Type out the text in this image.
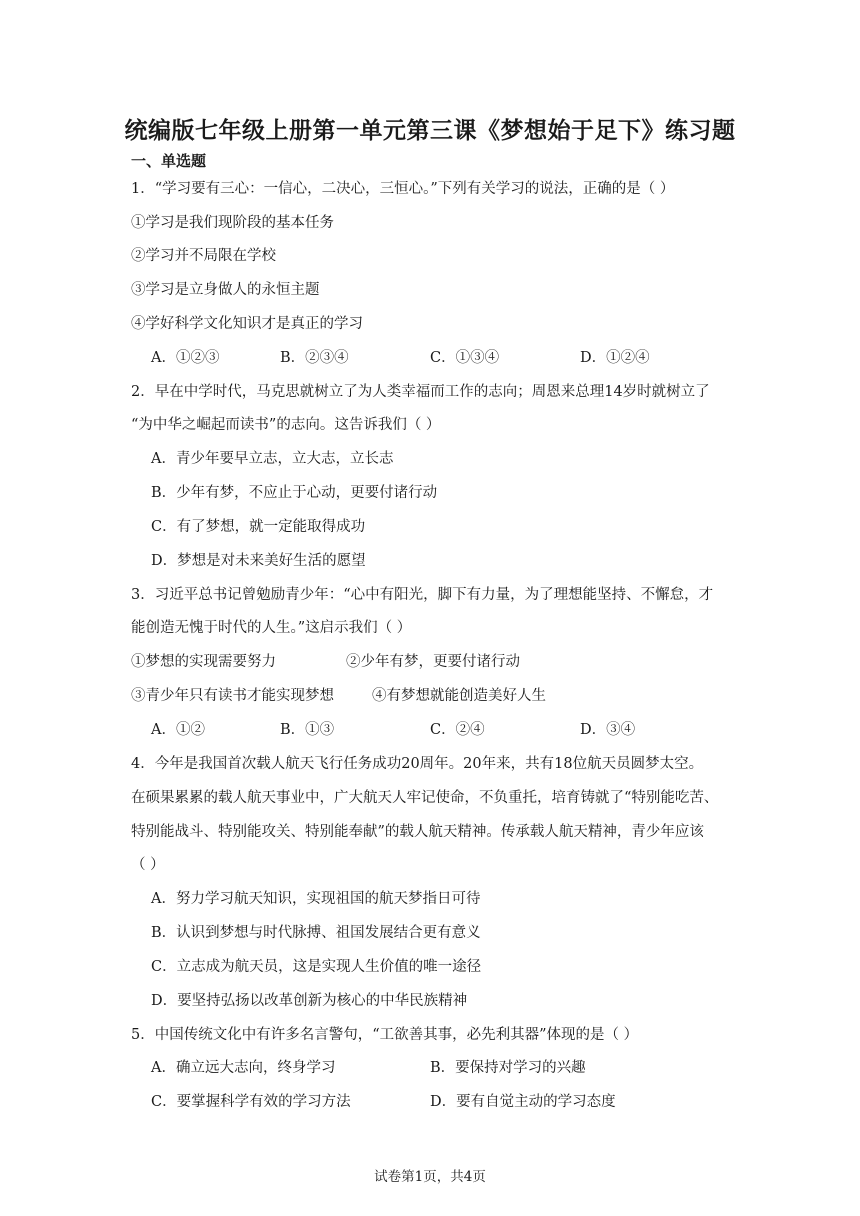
统编版七年级上册第一单元第三课《梦想始于足下》练习题
一、单选题
1．“学习要有三心：一信心，二决心，三恒心。”下列有关学习的说法，正确的是（ ）
①学习是我们现阶段的基本任务
②学习并不局限在学校
③学习是立身做人的永恒主题
④学好科学文化知识才是真正的学习
A．①②③	B．②③④	C．①③④	D．①②④
2．早在中学时代，马克思就树立了为人类幸福而工作的志向；周恩来总理14岁时就树立了
“为中华之崛起而读书”的志向。这告诉我们（ ）
A．青少年要早立志，立大志，立长志
B．少年有梦，不应止于心动，更要付诸行动
C．有了梦想，就一定能取得成功
D．梦想是对未来美好生活的愿望
3．习近平总书记曾勉励青少年：“心中有阳光，脚下有力量，为了理想能坚持、不懈怠，才
能创造无愧于时代的人生。”这启示我们（ ）
①梦想的实现需要努力	②少年有梦，更要付诸行动
③青少年只有读书才能实现梦想	④有梦想就能创造美好人生
A．①②	B．①③	C．②④	D．③④
4．今年是我国首次载人航天飞行任务成功20周年。20年来，共有18位航天员圆梦太空。
在硕果累累的载人航天事业中，广大航天人牢记使命，不负重托，培育铸就了“特别能吃苦、
特别能战斗、特别能攻关、特别能奉献”的载人航天精神。传承载人航天精神，青少年应该
（ ）
A．努力学习航天知识，实现祖国的航天梦指日可待
B．认识到梦想与时代脉搏、祖国发展结合更有意义
C．立志成为航天员，这是实现人生价值的唯一途径
D．要坚持弘扬以改革创新为核心的中华民族精神
5．中国传统文化中有许多名言警句，“工欲善其事，必先利其器”体现的是（ ）
A．确立远大志向，终身学习	B．要保持对学习的兴趣
C．要掌握科学有效的学习方法	D．要有自觉主动的学习态度
试卷第1页，共4页
